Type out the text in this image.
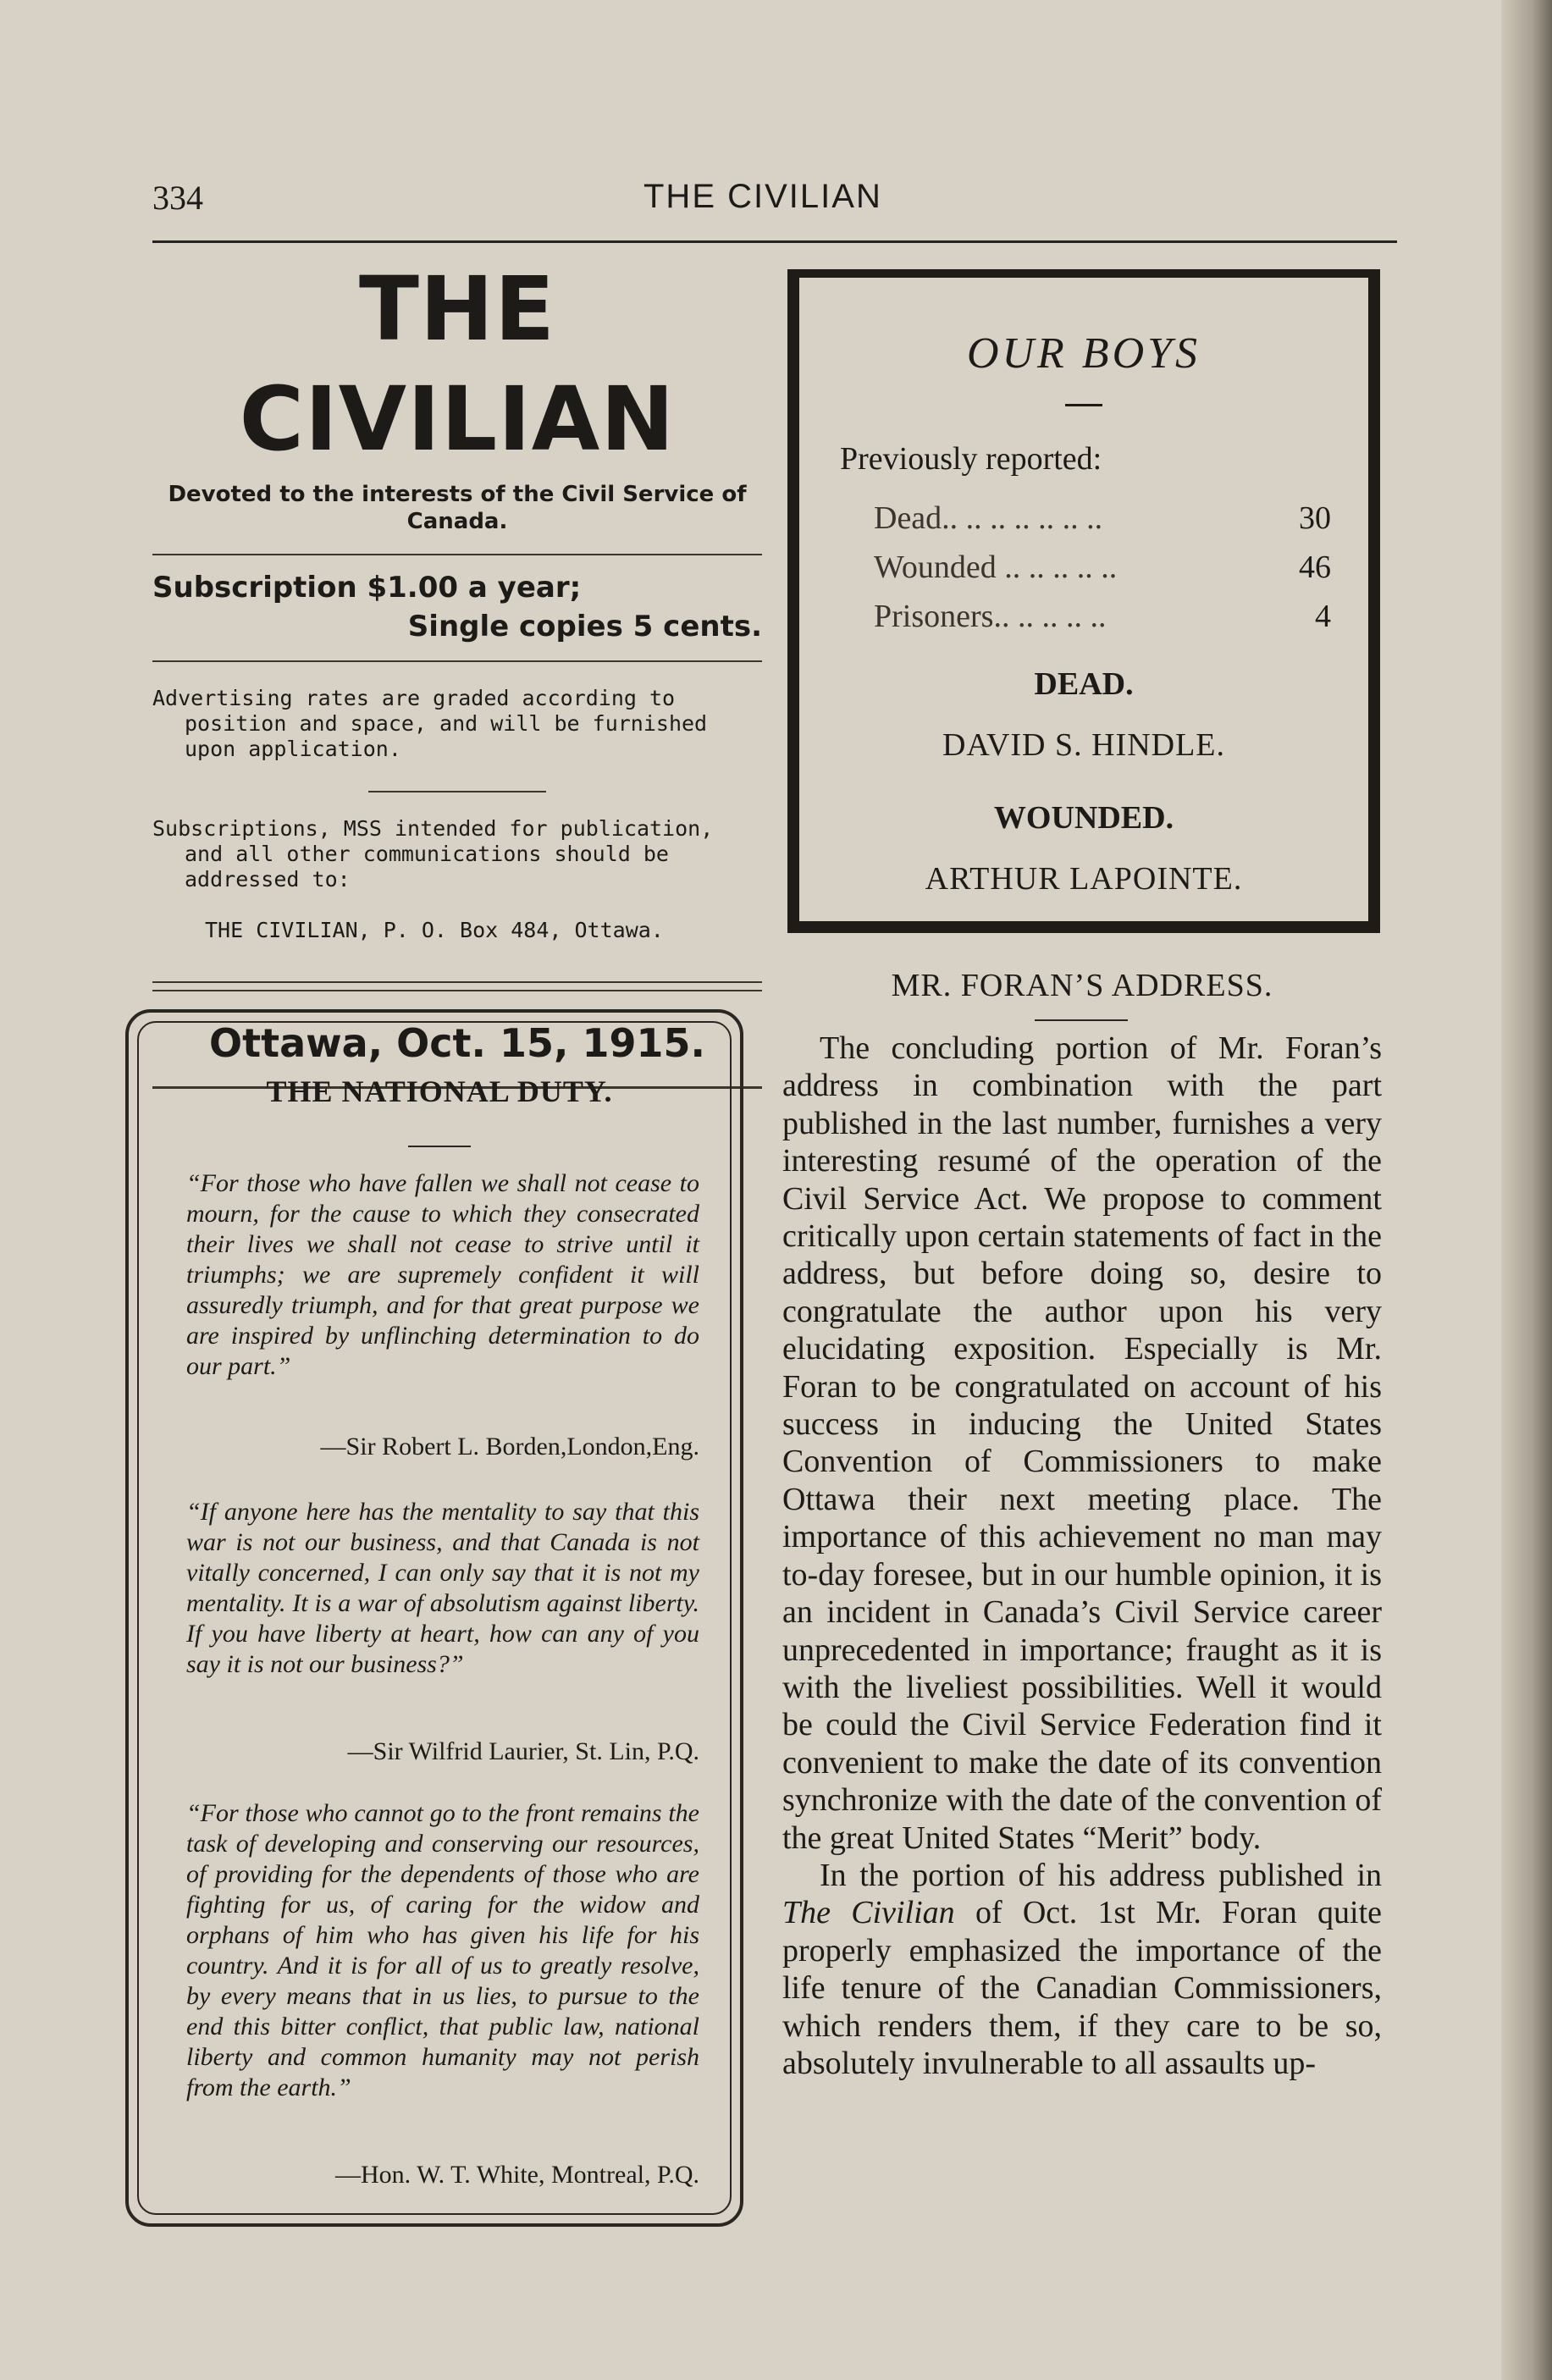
334	THE CIVILIAN
THE CIVILIAN

Devoted to the interests of the Civil Service of Canada.

Subscription $1.00 a year;

Single copies 5 cents.

Advertising rates are graded according to position and space, and will be furnished upon application.

Subscriptions, MSS intended for publication, and all other communications should be addressed to:

THE CIVILIAN, P. O. Box 484, Ottawa.

Ottawa, Oct. 15, 1915.

OUR BOYS

Previously reported:

Dead.. .. .. .. .. .. ..	30
Wounded .. .. .. .. ..	46
Prisoners.. .. .. .. ..	4
DEAD.
DAVID S. HINDLE.
WOUNDED.
ARTHUR LAPOINTE.
THE NATIONAL DUTY.
“For those who have fallen we shall not cease to mourn, for the cause to which they consecrated their lives we shall not cease to strive until it triumphs; we are supremely confident it will assuredly triumph, and for that great purpose we are inspired by unflinching determination to do our part.”
—Sir Robert L. Borden,London,Eng.
“If anyone here has the mentality to say that this war is not our business, and that Canada is not vitally concerned, I can only say that it is not my mentality. It is a war of absolutism against liberty. If you have liberty at heart, how can any of you say it is not our business?”
—Sir Wilfrid Laurier, St. Lin, P.Q.
“For those who cannot go to the front remains the task of developing and conserving our resources, of providing for the dependents of those who are fighting for us, of caring for the widow and orphans of him who has given his life for his country. And it is for all of us to greatly resolve, by every means that in us lies, to pursue to the end this bitter conflict, that public law, national liberty and common humanity may not perish from the earth.”
—Hon. W. T. White, Montreal, P.Q.
MR. FORAN’S ADDRESS.

The concluding portion of Mr. Foran’s address in combination with the part published in the last number, furnishes a very interesting resumé of the operation of the Civil Service Act. We propose to comment critically upon certain statements of fact in the address, but before doing so, desire to congratulate the author upon his very elucidating exposition. Especially is Mr. Foran to be congratulated on account of his success in inducing the United States Convention of Commissioners to make Ottawa their next meeting place. The importance of this achievement no man may to-day foresee, but in our humble opinion, it is an incident in Canada’s Civil Service career unprecedented in importance; fraught as it is with the liveliest possibilities. Well it would be could the Civil Service Federation find it convenient to make the date of its convention synchronize with the date of the convention of the great United States “Merit” body.

In the portion of his address published in The Civilian of Oct. 1st Mr. Foran quite properly emphasized the importance of the life tenure of the Canadian Commissioners, which renders them, if they care to be so, absolutely invulnerable to all assaults up-
